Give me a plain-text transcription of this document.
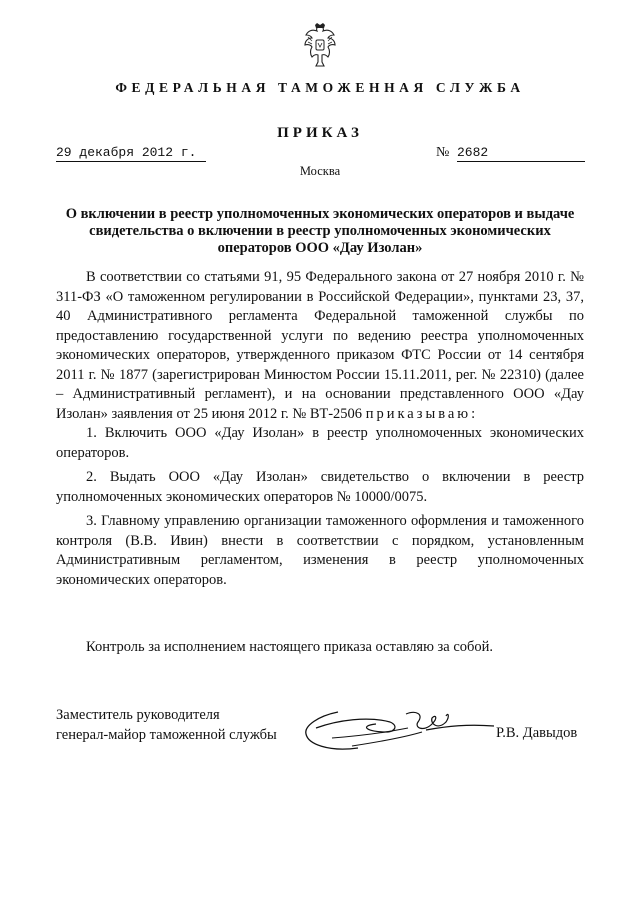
ФЕДЕРАЛЬНАЯ ТАМОЖЕННАЯ СЛУЖБА
ПРИКАЗ
29 декабря 2012 г.	№ 2682
Москва
О включении в реестр уполномоченных экономических операторов и выдаче свидетельства о включении в реестр уполномоченных экономических операторов ООО «Дау Изолан»

В соответствии со статьями 91, 95 Федерального закона от 27 ноября 2010 г. № 311-ФЗ «О таможенном регулировании в Российской Федерации», пунктами 23, 37, 40 Административного регламента Федеральной таможенной службы по предоставлению государственной услуги по ведению реестра уполномоченных экономических операторов, утвержденного приказом ФТС России от 14 сентября 2011 г. № 1877 (зарегистрирован Минюстом России 15.11.2011, рег. № 22310) (далее – Административный регламент), и на основании представленного ООО «Дау Изолан» заявления от 25 июня 2012 г. № ВТ-2506 приказываю:

1. Включить ООО «Дау Изолан» в реестр уполномоченных экономических операторов.

2. Выдать ООО «Дау Изолан» свидетельство о включении в реестр уполномоченных экономических операторов № 10000/0075.

3. Главному управлению организации таможенного оформления и таможенного контроля (В.В. Ивин) внести в соответствии с порядком, установленным Административным регламентом, изменения в реестр уполномоченных экономических операторов.

Контроль за исполнением настоящего приказа оставляю за собой.
Заместитель руководителя
генерал-майор таможенной службы	Р.В. Давыдов
